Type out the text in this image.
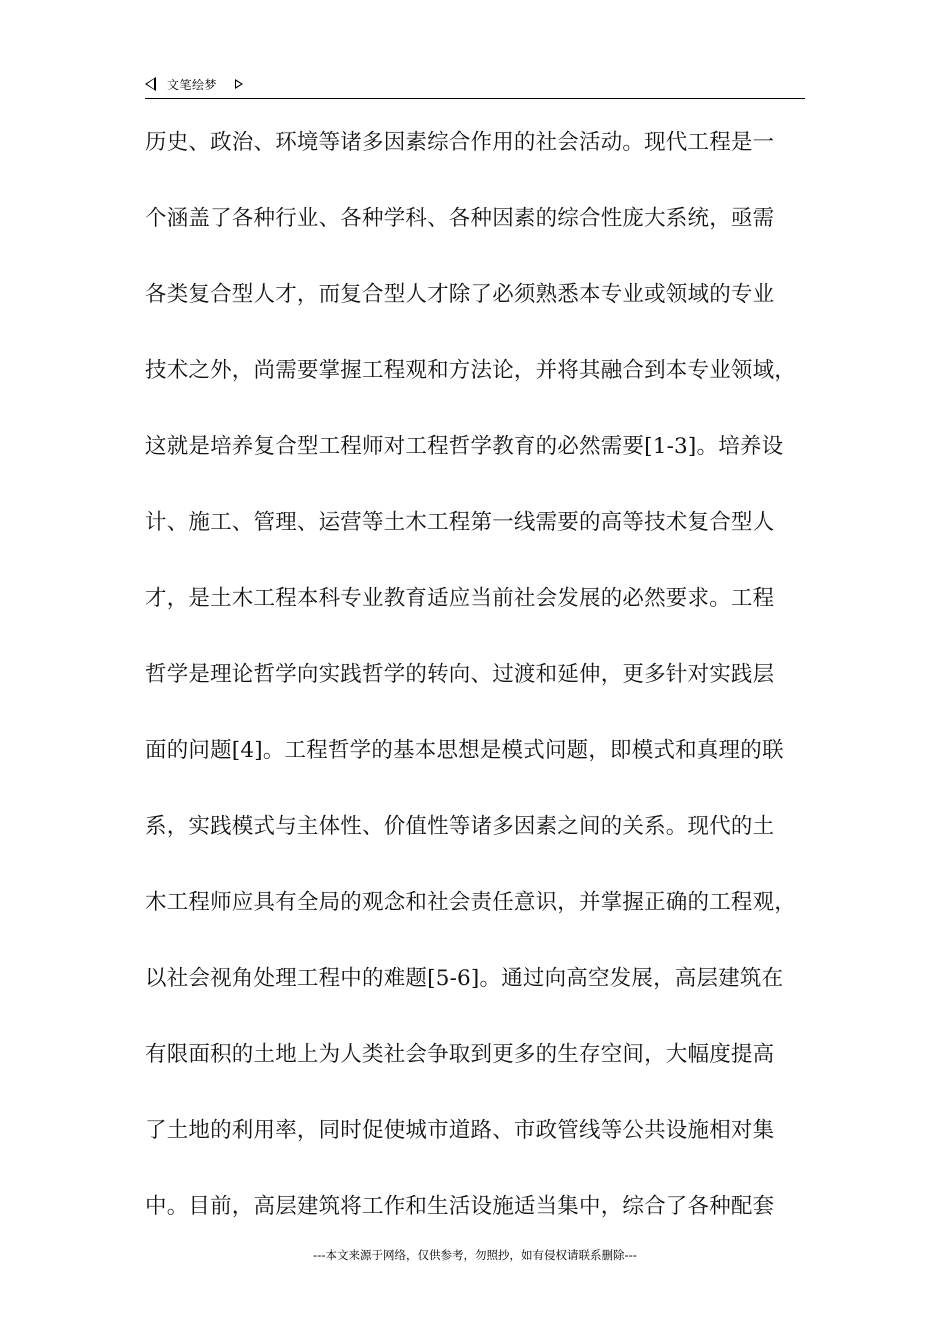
文笔绘梦
历史、政治、环境等诸多因素综合作用的社会活动。现代工程是一
个涵盖了各种行业、各种学科、各种因素的综合性庞大系统，亟需
各类复合型人才，而复合型人才除了必须熟悉本专业或领域的专业
技术之外，尚需要掌握工程观和方法论，并将其融合到本专业领域，
这就是培养复合型工程师对工程哲学教育的必然需要[1-3]。培养设
计、施工、管理、运营等土木工程第一线需要的高等技术复合型人
才，是土木工程本科专业教育适应当前社会发展的必然要求。工程
哲学是理论哲学向实践哲学的转向、过渡和延伸，更多针对实践层
面的问题[4]。工程哲学的基本思想是模式问题，即模式和真理的联
系，实践模式与主体性、价值性等诸多因素之间的关系。现代的土
木工程师应具有全局的观念和社会责任意识，并掌握正确的工程观，
以社会视角处理工程中的难题[5-6]。通过向高空发展，高层建筑在
有限面积的土地上为人类社会争取到更多的生存空间，大幅度提高
了土地的利用率，同时促使城市道路、市政管线等公共设施相对集
中。目前，高层建筑将工作和生活设施适当集中，综合了各种配套
---本文来源于网络，仅供参考，勿照抄，如有侵权请联系删除---
